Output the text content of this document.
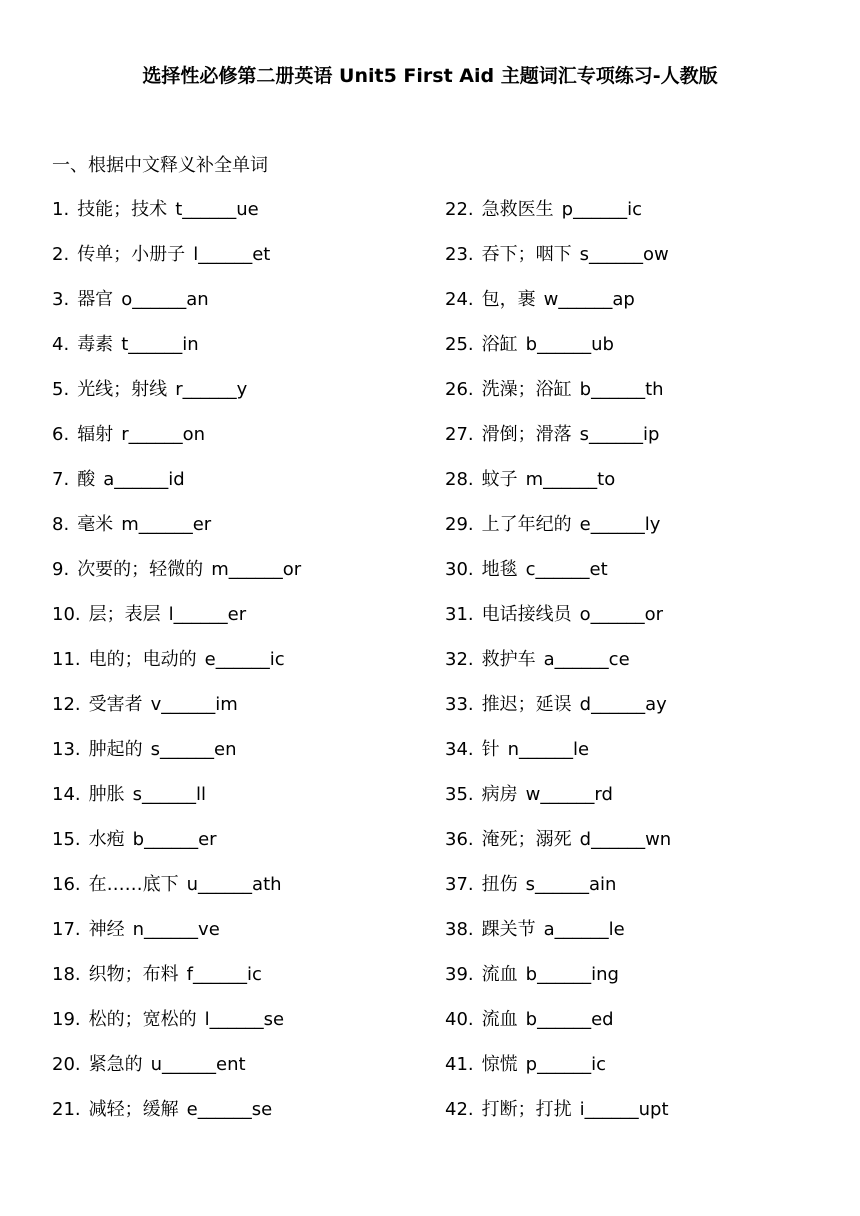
选择性必修第二册英语 Unit5 First Aid 主题词汇专项练习-人教版
一、根据中文释义补全单词
1. 技能；技术 t______ue
2. 传单；小册子 l______et
3. 器官 o______an
4. 毒素 t______in
5. 光线；射线 r______y
6. 辐射 r______on
7. 酸 a______id
8. 毫米 m______er
9. 次要的；轻微的 m______or
10. 层；表层 l______er
11. 电的；电动的 e______ic
12. 受害者 v______im
13. 肿起的 s______en
14. 肿胀 s______ll
15. 水疱 b______er
16. 在……底下 u______ath
17. 神经 n______ve
18. 织物；布料 f______ic
19. 松的；宽松的 l______se
20. 紧急的 u______ent
21. 减轻；缓解 e______se
22. 急救医生 p______ic
23. 吞下；咽下 s______ow
24. 包，裹 w______ap
25. 浴缸 b______ub
26. 洗澡；浴缸 b______th
27. 滑倒；滑落 s______ip
28. 蚊子 m______to
29. 上了年纪的 e______ly
30. 地毯 c______et
31. 电话接线员 o______or
32. 救护车 a______ce
33. 推迟；延误 d______ay
34. 针 n______le
35. 病房 w______rd
36. 淹死；溺死 d______wn
37. 扭伤 s______ain
38. 踝关节 a______le
39. 流血 b______ing
40. 流血 b______ed
41. 惊慌 p______ic
42. 打断；打扰 i______upt
